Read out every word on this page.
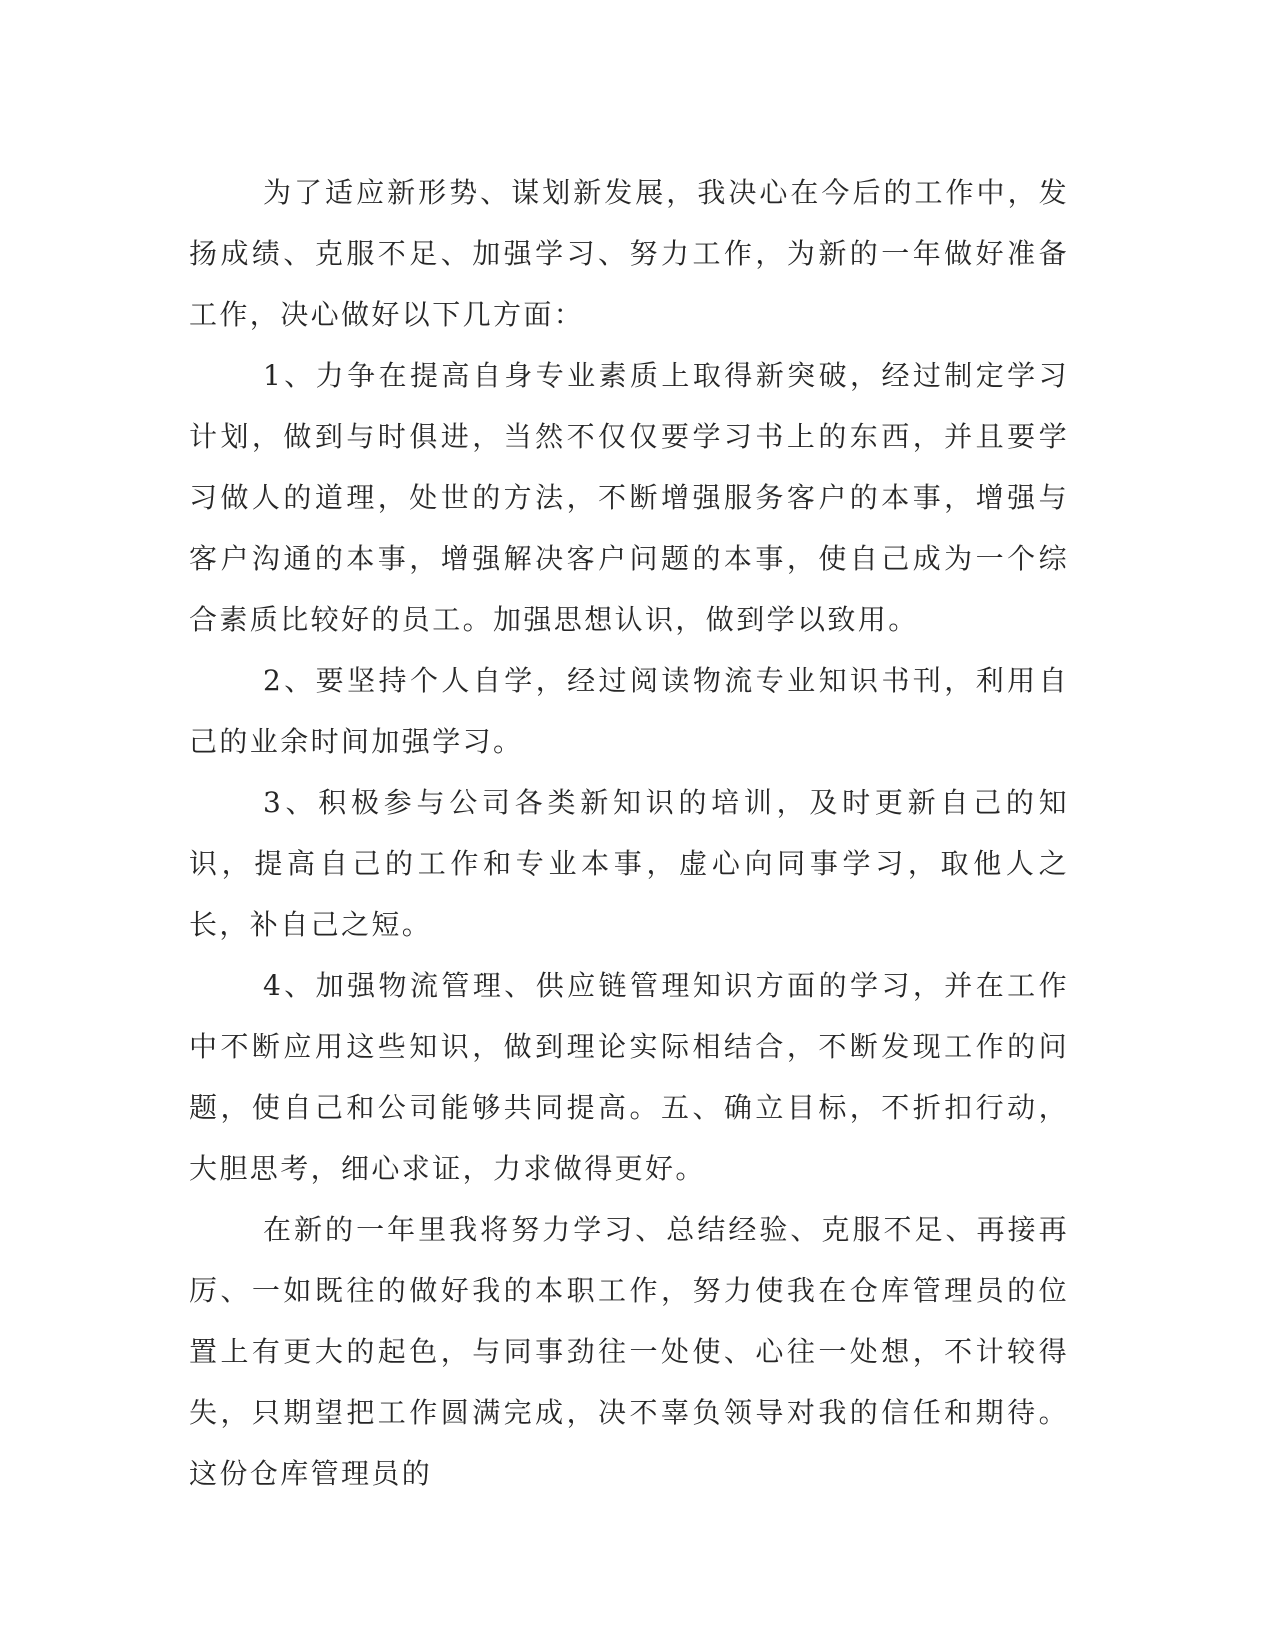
为了适应新形势、谋划新发展，我决心在今后的工作中，发扬成绩、克服不足、加强学习、努力工作，为新的一年做好准备工作，决心做好以下几方面：

1、力争在提高自身专业素质上取得新突破，经过制定学习计划，做到与时俱进，当然不仅仅要学习书上的东西，并且要学习做人的道理，处世的方法，不断增强服务客户的本事，增强与客户沟通的本事，增强解决客户问题的本事，使自己成为一个综合素质比较好的员工。加强思想认识，做到学以致用。

2、要坚持个人自学，经过阅读物流专业知识书刊，利用自己的业余时间加强学习。

3、积极参与公司各类新知识的培训，及时更新自己的知识，提高自己的工作和专业本事，虚心向同事学习，取他人之长，补自己之短。

4、加强物流管理、供应链管理知识方面的学习，并在工作中不断应用这些知识，做到理论实际相结合，不断发现工作的问题，使自己和公司能够共同提高。五、确立目标，不折扣行动，大胆思考，细心求证，力求做得更好。

在新的一年里我将努力学习、总结经验、克服不足、再接再厉、一如既往的做好我的本职工作，努力使我在仓库管理员的位置上有更大的起色，与同事劲往一处使、心往一处想，不计较得失，只期望把工作圆满完成，决不辜负领导对我的信任和期待。这份仓库管理员的
